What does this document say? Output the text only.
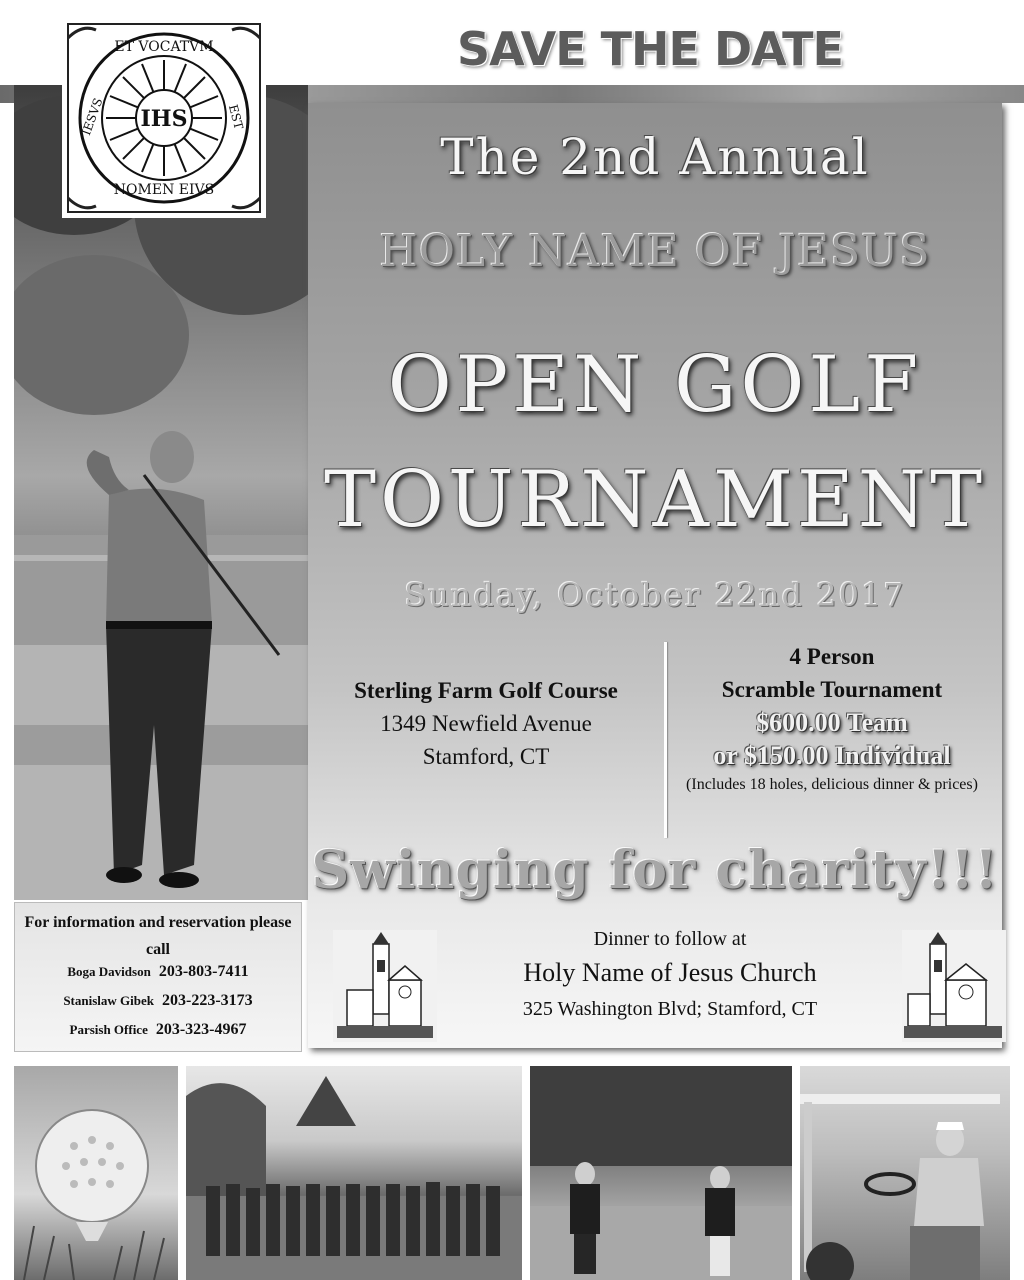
IHS
ET VOCATVM
NOMEN EIVS
IESVS	EST
SAVE THE DATE
The 2nd Annual
HOLY NAME OF JESUS
OPEN GOLF
TOURNAMENT
Sunday, October 22nd 2017
Sterling Farm Golf Course
1349 Newfield Avenue
Stamford, CT
4 Person
Scramble Tournament
$600.00 Team
or $150.00 Individual
(Includes 18 holes, delicious dinner & prices)
Swinging for charity!!!
Dinner to follow at
Holy Name of Jesus Church
325 Washington Blvd; Stamford, CT
For information and reservation please call
Boga Davidson 203-803-7411
Stanislaw Gibek 203-223-3173
Parsish Office 203-323-4967
